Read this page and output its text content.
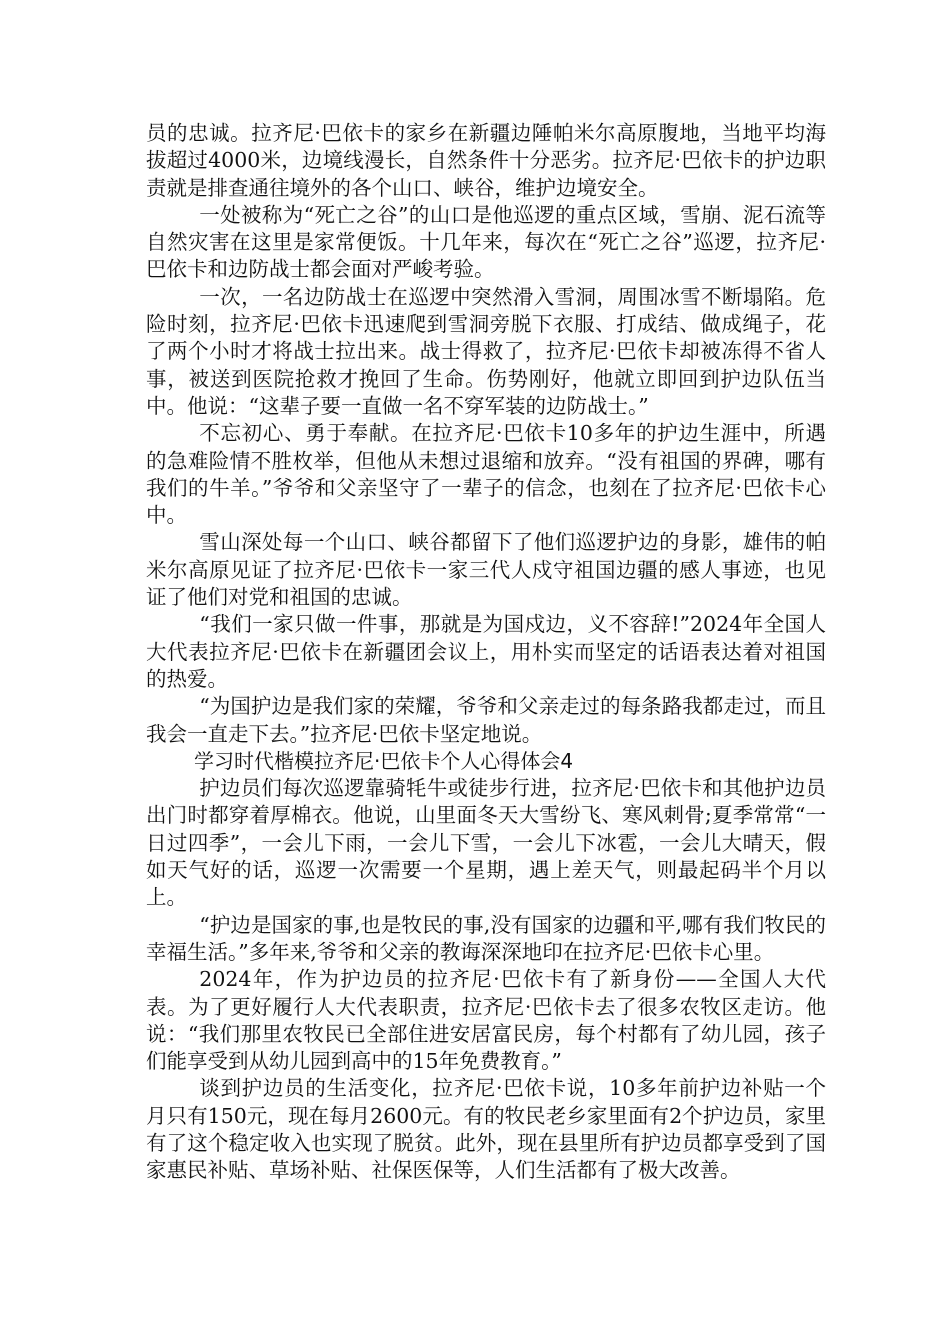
员的忠诚。拉齐尼·巴依卡的家乡在新疆边陲帕米尔高原腹地，当地平均海拔超过4000米，边境线漫长，自然条件十分恶劣。拉齐尼·巴依卡的护边职责就是排查通往境外的各个山口、峡谷，维护边境安全。

一处被称为“死亡之谷”的山口是他巡逻的重点区域，雪崩、泥石流等自然灾害在这里是家常便饭。十几年来，每次在“死亡之谷”巡逻，拉齐尼·巴依卡和边防战士都会面对严峻考验。

一次，一名边防战士在巡逻中突然滑入雪洞，周围冰雪不断塌陷。危险时刻，拉齐尼·巴依卡迅速爬到雪洞旁脱下衣服、打成结、做成绳子，花了两个小时才将战士拉出来。战士得救了，拉齐尼·巴依卡却被冻得不省人事，被送到医院抢救才挽回了生命。伤势刚好，他就立即回到护边队伍当中。他说：“这辈子要一直做一名不穿军装的边防战士。”

不忘初心、勇于奉献。在拉齐尼·巴依卡10多年的护边生涯中，所遇的急难险情不胜枚举，但他从未想过退缩和放弃。“没有祖国的界碑，哪有我们的牛羊。”爷爷和父亲坚守了一辈子的信念，也刻在了拉齐尼·巴依卡心中。

雪山深处每一个山口、峡谷都留下了他们巡逻护边的身影，雄伟的帕米尔高原见证了拉齐尼·巴依卡一家三代人戍守祖国边疆的感人事迹，也见证了他们对党和祖国的忠诚。

“我们一家只做一件事，那就是为国戍边，义不容辞!”2024年全国人大代表拉齐尼·巴依卡在新疆团会议上，用朴实而坚定的话语表达着对祖国的热爱。

“为国护边是我们家的荣耀，爷爷和父亲走过的每条路我都走过，而且我会一直走下去。”拉齐尼·巴依卡坚定地说。

学习时代楷模拉齐尼·巴依卡个人心得体会4

护边员们每次巡逻靠骑牦牛或徒步行进，拉齐尼·巴依卡和其他护边员出门时都穿着厚棉衣。他说，山里面冬天大雪纷飞、寒风刺骨;夏季常常“一日过四季”，一会儿下雨，一会儿下雪，一会儿下冰雹，一会儿大晴天，假如天气好的话，巡逻一次需要一个星期，遇上差天气，则最起码半个月以上。

“护边是国家的事,也是牧民的事,没有国家的边疆和平,哪有我们牧民的幸福生活。”多年来,爷爷和父亲的教诲深深地印在拉齐尼·巴依卡心里。

2024年，作为护边员的拉齐尼·巴依卡有了新身份——全国人大代表。为了更好履行人大代表职责，拉齐尼·巴依卡去了很多农牧区走访。他说：“我们那里农牧民已全部住进安居富民房，每个村都有了幼儿园，孩子们能享受到从幼儿园到高中的15年免费教育。”

谈到护边员的生活变化，拉齐尼·巴依卡说，10多年前护边补贴一个月只有150元，现在每月2600元。有的牧民老乡家里面有2个护边员，家里有了这个稳定收入也实现了脱贫。此外，现在县里所有护边员都享受到了国家惠民补贴、草场补贴、社保医保等，人们生活都有了极大改善。
